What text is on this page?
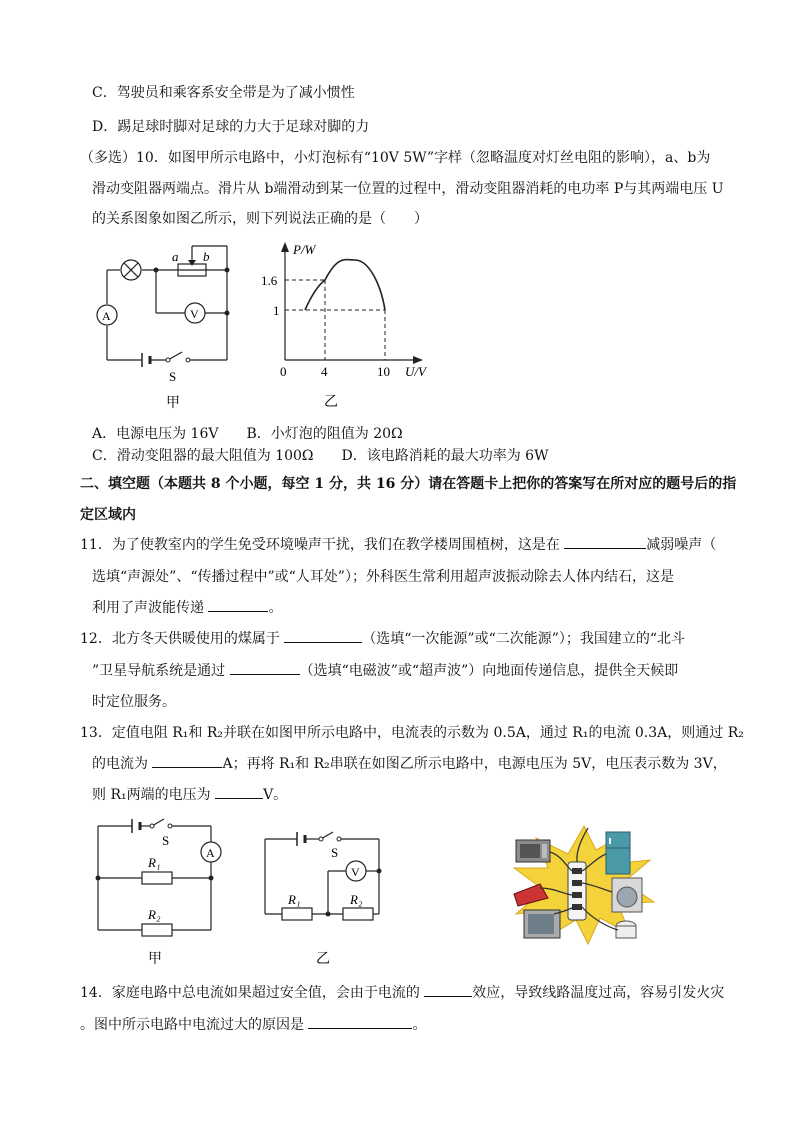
C．驾驶员和乘客系安全带是为了减小惯性
D．踢足球时脚对足球的力大于足球对脚的力
（多选）10．如图甲所示电路中，小灯泡标有“10V 5W”字样（忽略温度对灯丝电阻的影响），a、b为
滑动变阻器两端点。滑片从 b端滑动到某一位置的过程中，滑动变阻器消耗的电功率 P与其两端电压 U
的关系图象如图乙所示，则下列说法正确的是（　　）
a b
A	V
S
甲
P/W
U/V
0	4	10
1.6
1
乙
A．电源电压为 16V　　B．小灯泡的阻值为 20Ω
C．滑动变阻器的最大阻值为 100Ω　　D．该电路消耗的最大功率为 6W
二、填空题（本题共 8 个小题，每空 1 分，共 16 分）请在答题卡上把你的答案写在所对应的题号后的指
定区域内
11．为了使教室内的学生免受环境噪声干扰，我们在教学楼周围植树，这是在	减弱噪声（
选填“声源处”、“传播过程中”或“人耳处”）；外科医生常利用超声波振动除去人体内结石，这是
利用了声波能传递	。
12．北方冬天供暖使用的煤属于	（选填“一次能源”或“二次能源”）；我国建立的“北斗
”卫星导航系统是通过	（选填“电磁波”或“超声波”）向地面传递信息，提供全天候即
时定位服务。
13．定值电阻 R₁和 R₂并联在如图甲所示电路中，电流表的示数为 0.5A，通过 R₁的电流 0.3A，则通过 R₂
的电流为	A；再将 R₁和 R₂串联在如图乙所示电路中，电源电压为 5V，电压表示数为 3V，
则 R₁两端的电压为	V。
S
A
R₁
R₂
甲
S
V
R₁	R₂
乙
14．家庭电路中总电流如果超过安全值，会由于电流的	效应，导致线路温度过高，容易引发火灾
。图中所示电路中电流过大的原因是	。
